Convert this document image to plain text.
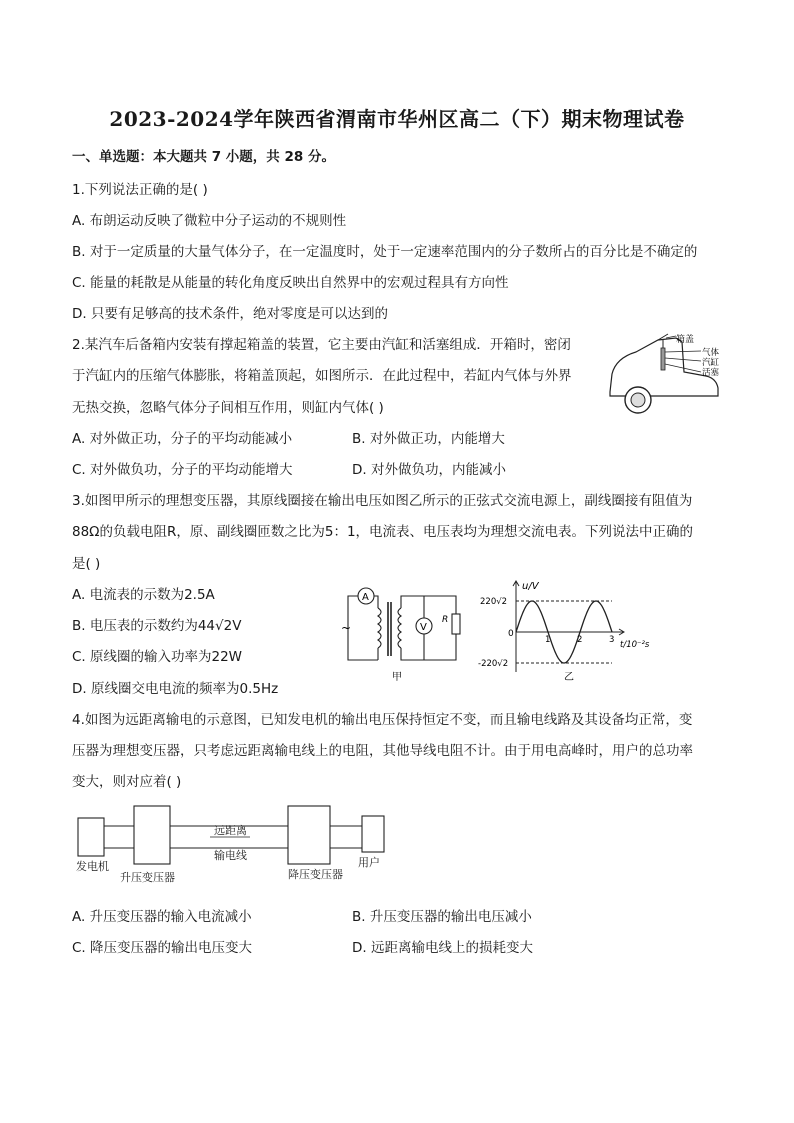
2023-2024学年陕西省渭南市华州区高二（下）期末物理试卷
一、单选题：本大题共 7 小题，共 28 分。
1.下列说法正确的是( )
A. 布朗运动反映了微粒中分子运动的不规则性
B. 对于一定质量的大量气体分子，在一定温度时，处于一定速率范围内的分子数所占的百分比是不确定的
C. 能量的耗散是从能量的转化角度反映出自然界中的宏观过程具有方向性
D. 只要有足够高的技术条件，绝对零度是可以达到的
2.某汽车后备箱内安装有撑起箱盖的装置，它主要由汽缸和活塞组成．开箱时，密闭
于汽缸内的压缩气体膨胀，将箱盖顶起，如图所示．在此过程中，若缸内气体与外界
无热交换，忽略气体分子间相互作用，则缸内气体( )
A. 对外做正功，分子的平均动能减小	B. 对外做正功，内能增大
C. 对外做负功，分子的平均动能增大	D. 对外做负功，内能减小
箱盖
气体
汽缸
活塞
3.如图甲所示的理想变压器，其原线圈接在输出电压如图乙所示的正弦式交流电源上，副线圈接有阻值为
88Ω的负载电阻R，原、副线圈匝数之比为5：1，电流表、电压表均为理想交流电表。下列说法中正确的
是( )
A. 电流表的示数为2.5A
B. 电压表的示数约为44√2V
C. 原线圈的输入功率为22W
D. 原线圈交电电流的频率为0.5Hz
A
V
R
~
甲
u/V
220√2
-220√2
0
1	2	3 t/10⁻²s
乙
4.如图为远距离输电的示意图，已知发电机的输出电压保持恒定不变，而且输电线路及其设备均正常，变
压器为理想变压器，只考虑远距离输电线上的电阻，其他导线电阻不计。由于用电高峰时，用户的总功率
变大，则对应着( )
远距离
输电线
发电机
升压变压器	降压变压器
用户
A. 升压变压器的输入电流减小	B. 升压变压器的输出电压减小
C. 降压变压器的输出电压变大	D. 远距离输电线上的损耗变大
